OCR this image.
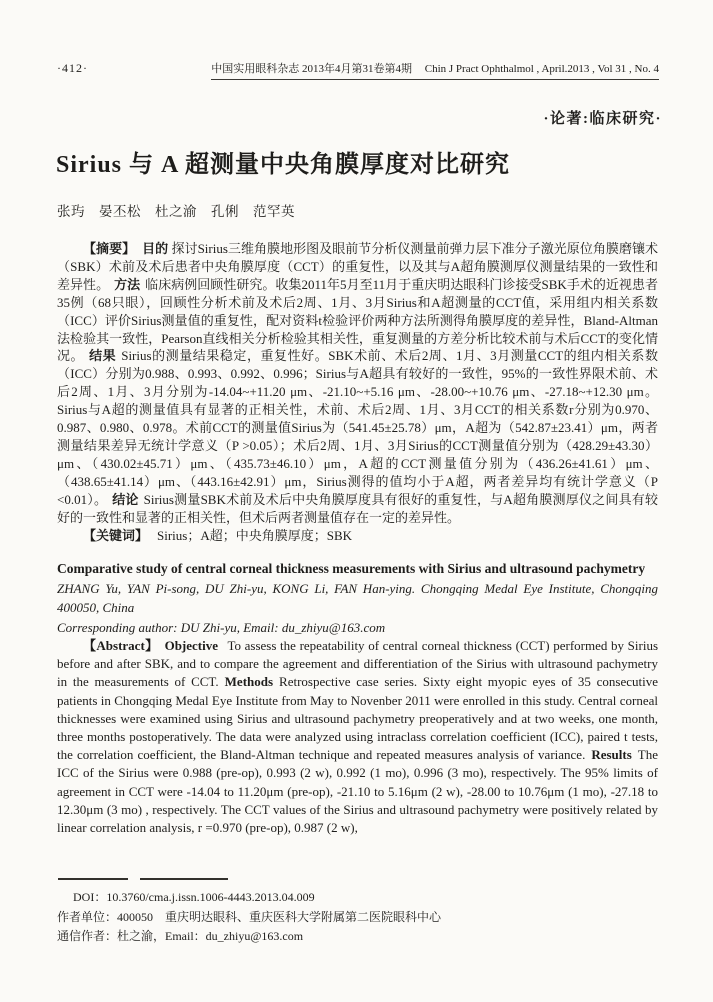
·412·	中国实用眼科杂志 2013年4月第31卷第4期 Chin J Pract Ophthalmol , April.2013 , Vol 31 , No. 4
·论著:临床研究·
Sirius 与 A 超测量中央角膜厚度对比研究
张玙　晏丕松　杜之渝　孔俐　范罕英

【摘要】 目的 探讨Sirius三维角膜地形图及眼前节分析仪测量前弹力层下准分子激光原位角膜磨镶术（SBK）术前及术后患者中央角膜厚度（CCT）的重复性，以及其与A超角膜测厚仪测量结果的一致性和差异性。 方法 临床病例回顾性研究。收集2011年5月至11月于重庆明达眼科门诊接受SBK手术的近视患者35例（68只眼），回顾性分析术前及术后2周、1月、3月Sirius和A超测量的CCT值，采用组内相关系数（ICC）评价Sirius测量值的重复性，配对资料t检验评价两种方法所测得角膜厚度的差异性，Bland-Altman法检验其一致性，Pearson直线相关分析检验其相关性，重复测量的方差分析比较术前与术后CCT的变化情况。 结果 Sirius的测量结果稳定，重复性好。SBK术前、术后2周、1月、3月测量CCT的组内相关系数（ICC）分别为0.988、0.993、0.992、0.996；Sirius与A超具有较好的一致性，95%的一致性界限术前、术后2周、1月、3月分别为-14.04~+11.20 μm、-21.10~+5.16 μm、-28.00~+10.76 μm、-27.18~+12.30 μm。Sirius与A超的测量值具有显著的正相关性，术前、术后2周、1月、3月CCT的相关系数r分别为0.970、0.987、0.980、0.978。术前CCT的测量值Sirius为（541.45±25.78）μm，A超为（542.87±23.41）μm，两者测量结果差异无统计学意义（P >0.05）；术后2周、1月、3月Sirius的CCT测量值分别为（428.29±43.30）μm、（430.02±45.71）μm、（435.73±46.10）μm，A超的CCT测量值分别为（436.26±41.61）μm、（438.65±41.14）μm、（443.16±42.91）μm，Sirius测得的值均小于A超，两者差异均有统计学意义（P <0.01）。 结论 Sirius测量SBK术前及术后中央角膜厚度具有很好的重复性，与A超角膜测厚仪之间具有较好的一致性和显著的正相关性，但术后两者测量值存在一定的差异性。

【关键词】 Sirius；A超；中央角膜厚度；SBK

Comparative study of central corneal thickness measurements with Sirius and ultrasound pachymetry

ZHANG Yu, YAN Pi-song, DU Zhi-yu, KONG Li, FAN Han-ying. Chongqing Medal Eye Institute, Chongqing 400050, China

Corresponding author: DU Zhi-yu, Email: du_zhiyu@163.com

【Abstract】 Objective To assess the repeatability of central corneal thickness (CCT) performed by Sirius before and after SBK, and to compare the agreement and differentiation of the Sirius with ultrasound pachymetry in the measurements of CCT. Methods Retrospective case series. Sixty eight myopic eyes of 35 consecutive patients in Chongqing Medal Eye Institute from May to Novenber 2011 were enrolled in this study. Central corneal thicknesses were examined using Sirius and ultrasound pachymetry preoperatively and at two weeks, one month, three months postoperatively. The data were analyzed using intraclass correlation coefficient (ICC), paired t tests, the correlation coefficient, the Bland-Altman technique and repeated measures analysis of variance. Results The ICC of the Sirius were 0.988 (pre-op), 0.993 (2 w), 0.992 (1 mo), 0.996 (3 mo), respectively. The 95% limits of agreement in CCT were -14.04 to 11.20μm (pre-op), -21.10 to 5.16μm (2 w), -28.00 to 10.76μm (1 mo), -27.18 to 12.30μm (3 mo) , respectively. The CCT values of the Sirius and ultrasound pachymetry were positively related by linear correlation analysis, r =0.970 (pre-op), 0.987 (2 w),

DOI：10.3760/cma.j.issn.1006-4443.2013.04.009
作者单位：400050　重庆明达眼科、重庆医科大学附属第二医院眼科中心
通信作者：杜之渝，Email：du_zhiyu@163.com
